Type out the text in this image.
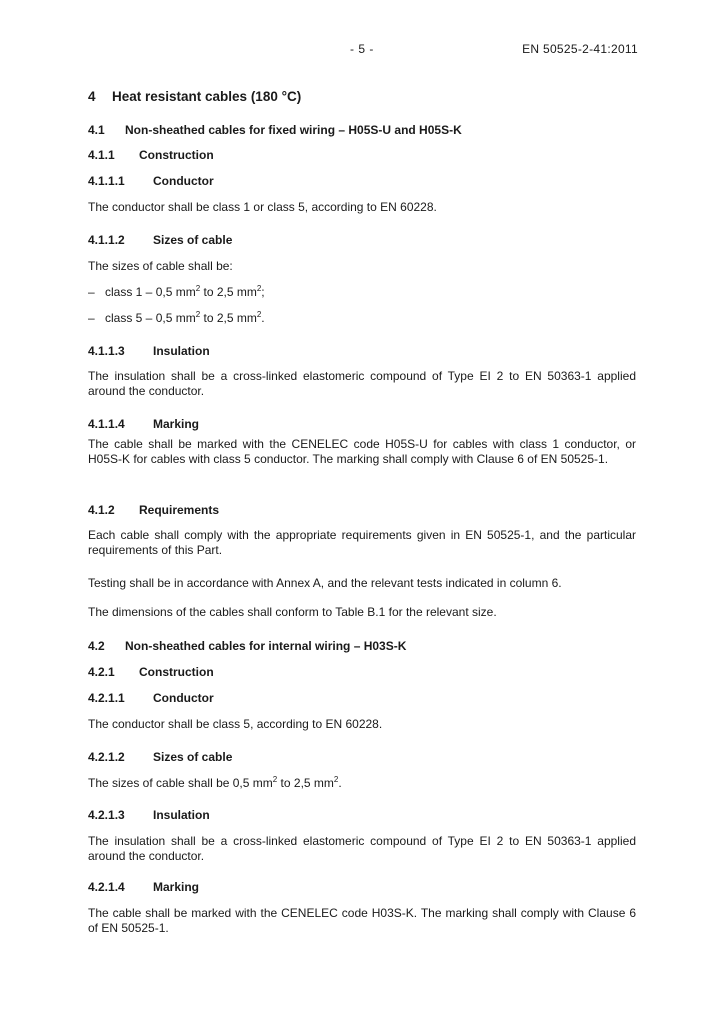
- 5 -	EN 50525-2-41:2011
4 Heat resistant cables (180 °C)
4.1 Non-sheathed cables for fixed wiring – H05S-U and H05S-K
4.1.1 Construction
4.1.1.1 Conductor
The conductor shall be class 1 or class 5, according to EN 60228.
4.1.1.2 Sizes of cable
The sizes of cable shall be:
– class 1 – 0,5 $mm^2$ to 2,5 $mm^2$;
– class 5 – 0,5 $mm^2$ to 2,5 $mm^2$.
4.1.1.3 Insulation
The insulation shall be a cross-linked elastomeric compound of Type EI 2 to EN 50363-1 applied around the conductor.
4.1.1.4 Marking
The cable shall be marked with the CENELEC code H05S-U for cables with class 1 conductor, or H05S-K for cables with class 5 conductor. The marking shall comply with Clause 6 of EN 50525-1.
4.1.2 Requirements
Each cable shall comply with the appropriate requirements given in EN 50525-1, and the particular requirements of this Part.
Testing shall be in accordance with Annex A, and the relevant tests indicated in column 6.
The dimensions of the cables shall conform to Table B.1 for the relevant size.
4.2 Non-sheathed cables for internal wiring – H03S-K
4.2.1 Construction
4.2.1.1 Conductor
The conductor shall be class 5, according to EN 60228.
4.2.1.2 Sizes of cable
The sizes of cable shall be 0,5 $mm^2$ to 2,5 $mm^2$.
4.2.1.3 Insulation
The insulation shall be a cross-linked elastomeric compound of Type EI 2 to EN 50363-1 applied around the conductor.
4.2.1.4 Marking
The cable shall be marked with the CENELEC code H03S-K. The marking shall comply with Clause 6 of EN 50525-1.
